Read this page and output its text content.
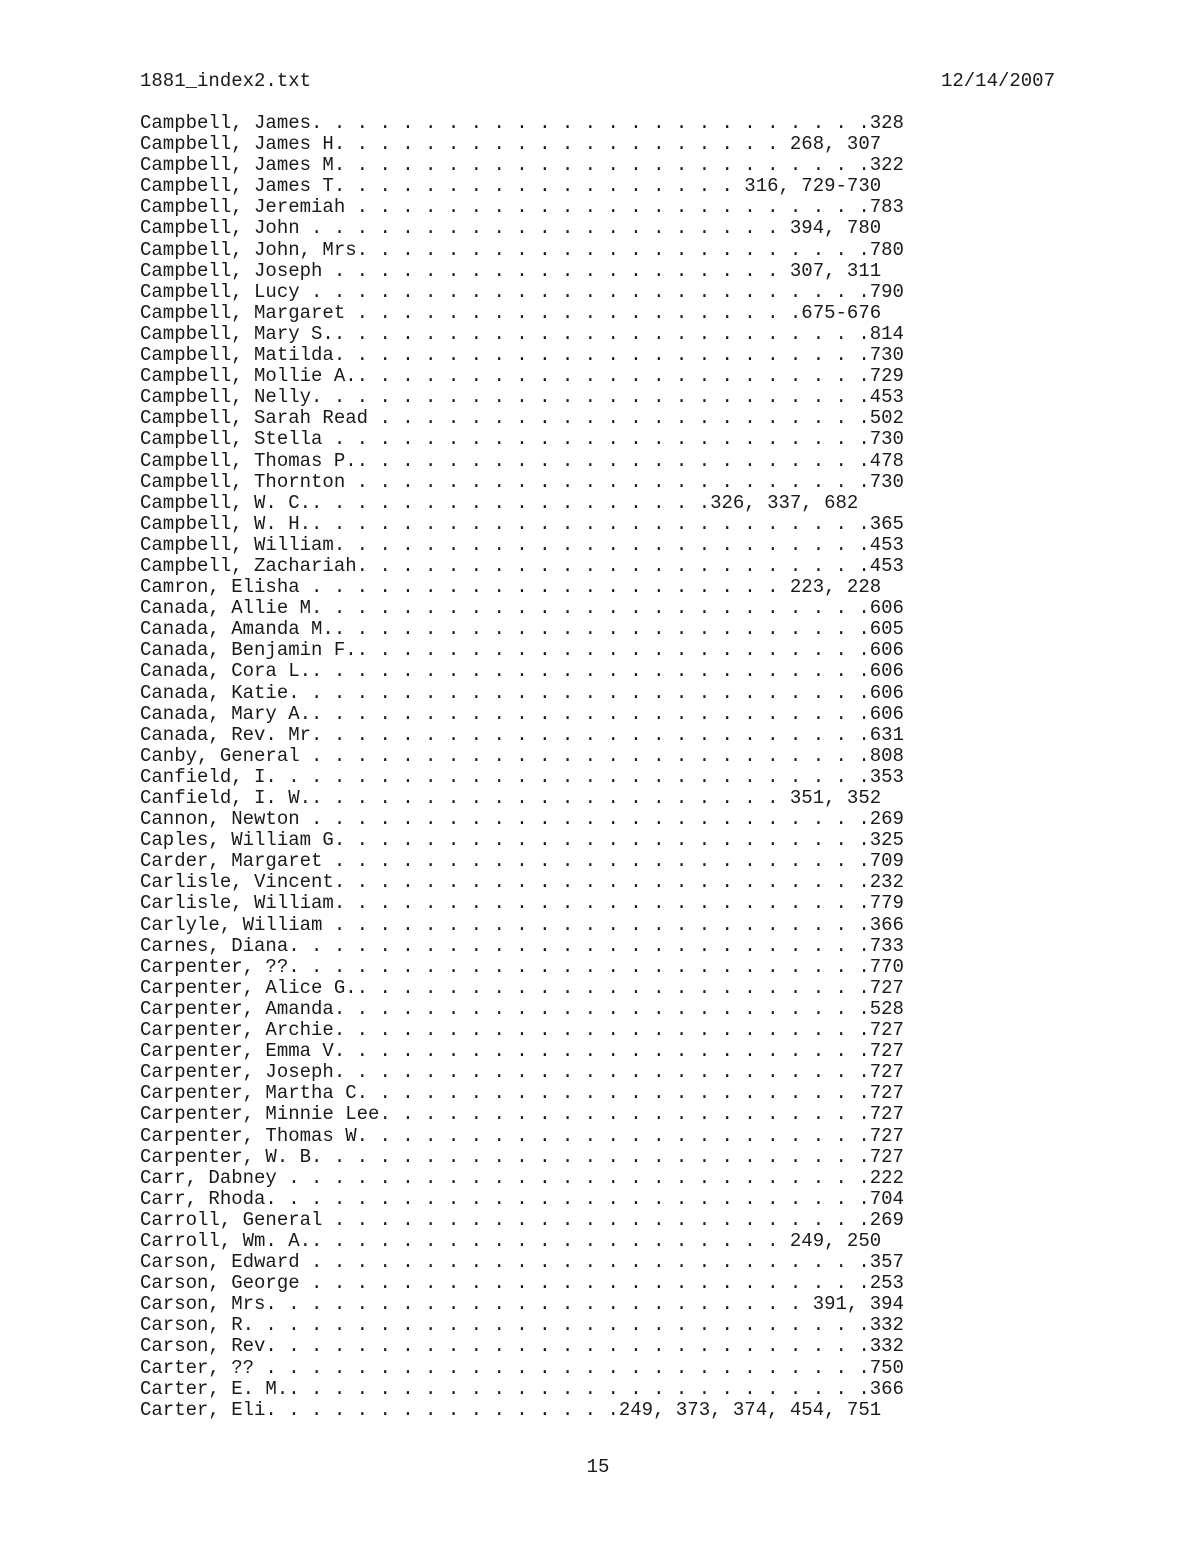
1881_index2.txt	12/14/2007
Campbell, James. . . . . . . . . . . . . . . . . . . . . . . . .328
Campbell, James H. . . . . . . . . . . . . . . . . . . . 268, 307
Campbell, James M. . . . . . . . . . . . . . . . . . . . . . . .322
Campbell, James T. . . . . . . . . . . . . . . . . . 316, 729-730
Campbell, Jeremiah . . . . . . . . . . . . . . . . . . . . . . .783
Campbell, John . . . . . . . . . . . . . . . . . . . . . 394, 780
Campbell, John, Mrs. . . . . . . . . . . . . . . . . . . . . . .780
Campbell, Joseph . . . . . . . . . . . . . . . . . . . . 307, 311
Campbell, Lucy . . . . . . . . . . . . . . . . . . . . . . . . .790
Campbell, Margaret . . . . . . . . . . . . . . . . . . . .675-676
Campbell, Mary S.. . . . . . . . . . . . . . . . . . . . . . . .814
Campbell, Matilda. . . . . . . . . . . . . . . . . . . . . . . .730
Campbell, Mollie A.. . . . . . . . . . . . . . . . . . . . . . .729
Campbell, Nelly. . . . . . . . . . . . . . . . . . . . . . . . .453
Campbell, Sarah Read . . . . . . . . . . . . . . . . . . . . . .502
Campbell, Stella . . . . . . . . . . . . . . . . . . . . . . . .730
Campbell, Thomas P.. . . . . . . . . . . . . . . . . . . . . . .478
Campbell, Thornton . . . . . . . . . . . . . . . . . . . . . . .730
Campbell, W. C.. . . . . . . . . . . . . . . . . .326, 337, 682
Campbell, W. H.. . . . . . . . . . . . . . . . . . . . . . . . .365
Campbell, William. . . . . . . . . . . . . . . . . . . . . . . .453
Campbell, Zachariah. . . . . . . . . . . . . . . . . . . . . . .453
Camron, Elisha . . . . . . . . . . . . . . . . . . . . . 223, 228
Canada, Allie M. . . . . . . . . . . . . . . . . . . . . . . . .606
Canada, Amanda M.. . . . . . . . . . . . . . . . . . . . . . . .605
Canada, Benjamin F.. . . . . . . . . . . . . . . . . . . . . . .606
Canada, Cora L.. . . . . . . . . . . . . . . . . . . . . . . . .606
Canada, Katie. . . . . . . . . . . . . . . . . . . . . . . . . .606
Canada, Mary A.. . . . . . . . . . . . . . . . . . . . . . . . .606
Canada, Rev. Mr. . . . . . . . . . . . . . . . . . . . . . . . .631
Canby, General . . . . . . . . . . . . . . . . . . . . . . . . .808
Canfield, I. . . . . . . . . . . . . . . . . . . . . . . . . . .353
Canfield, I. W.. . . . . . . . . . . . . . . . . . . . . 351, 352
Cannon, Newton . . . . . . . . . . . . . . . . . . . . . . . . .269
Caples, William G. . . . . . . . . . . . . . . . . . . . . . . .325
Carder, Margaret . . . . . . . . . . . . . . . . . . . . . . . .709
Carlisle, Vincent. . . . . . . . . . . . . . . . . . . . . . . .232
Carlisle, William. . . . . . . . . . . . . . . . . . . . . . . .779
Carlyle, William . . . . . . . . . . . . . . . . . . . . . . . .366
Carnes, Diana. . . . . . . . . . . . . . . . . . . . . . . . . .733
Carpenter, ??. . . . . . . . . . . . . . . . . . . . . . . . . .770
Carpenter, Alice G.. . . . . . . . . . . . . . . . . . . . . . .727
Carpenter, Amanda. . . . . . . . . . . . . . . . . . . . . . . .528
Carpenter, Archie. . . . . . . . . . . . . . . . . . . . . . . .727
Carpenter, Emma V. . . . . . . . . . . . . . . . . . . . . . . .727
Carpenter, Joseph. . . . . . . . . . . . . . . . . . . . . . . .727
Carpenter, Martha C. . . . . . . . . . . . . . . . . . . . . . .727
Carpenter, Minnie Lee. . . . . . . . . . . . . . . . . . . . . .727
Carpenter, Thomas W. . . . . . . . . . . . . . . . . . . . . . .727
Carpenter, W. B. . . . . . . . . . . . . . . . . . . . . . . . .727
Carr, Dabney . . . . . . . . . . . . . . . . . . . . . . . . . .222
Carr, Rhoda. . . . . . . . . . . . . . . . . . . . . . . . . . .704
Carroll, General . . . . . . . . . . . . . . . . . . . . . . . .269
Carroll, Wm. A.. . . . . . . . . . . . . . . . . . . . . 249, 250
Carson, Edward . . . . . . . . . . . . . . . . . . . . . . . . .357
Carson, George . . . . . . . . . . . . . . . . . . . . . . . . .253
Carson, Mrs. . . . . . . . . . . . . . . . . . . . . . . . 391, 394
Carson, R. . . . . . . . . . . . . . . . . . . . . . . . . . . .332
Carson, Rev. . . . . . . . . . . . . . . . . . . . . . . . . . .332
Carter, ?? . . . . . . . . . . . . . . . . . . . . . . . . . . .750
Carter, E. M.. . . . . . . . . . . . . . . . . . . . . . . . . .366
Carter, Eli. . . . . . . . . . . . . . . .249, 373, 374, 454, 751
15
